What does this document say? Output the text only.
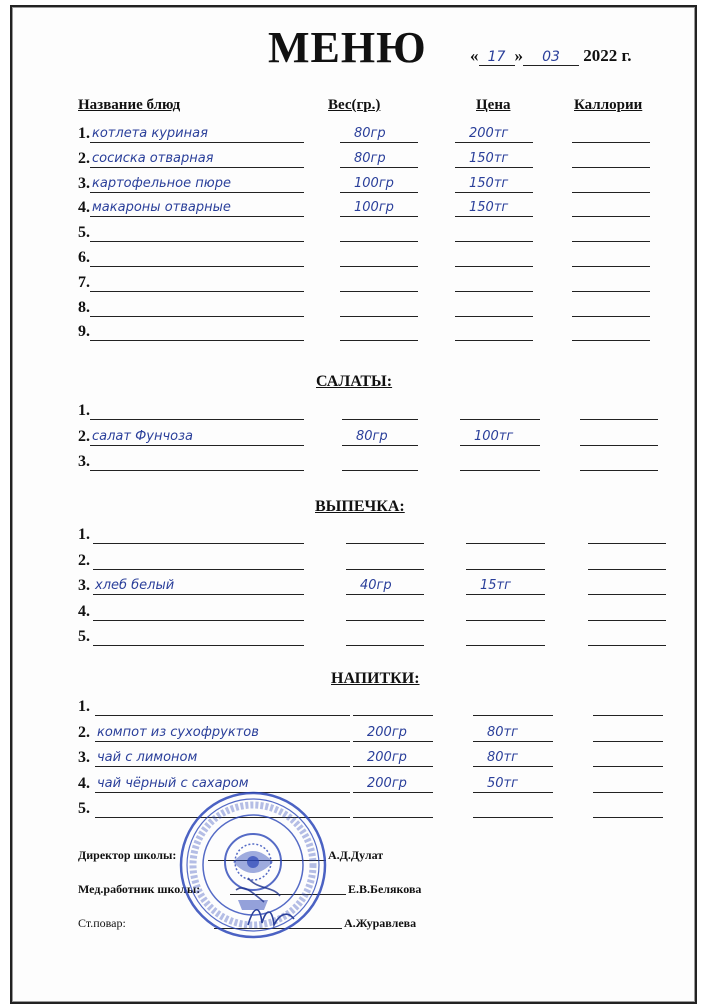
МЕНЮ	« 17 » 03 2022 г.
Название блюд	Вес(гр.)	Цена	Каллории
1. котлета куриная	80гр	200тг
2. сосиска отварная	80гр	150тг
3. картофельное пюре	100гр	150тг
4. макароны отварные	100гр	150тг
5.
6.
7.
8.
9.
1.
2. салат Фунчоза	80гр	100тг
3.
1.
2.
3. хлеб белый	40гр	15тг
4.
5.
1.
2. компот из сухофруктов	200гр	80тг
3. чай с лимоном	200гр	80тг
4. чай чёрный с сахаром	200гр	50тг
5.
САЛАТЫ:
ВЫПЕЧКА:
НАПИТКИ:
Директор школы:	А.Д.Дулат
Мед.работник школы:	Е.В.Белякова
Ст.повар:	А.Журавлева
